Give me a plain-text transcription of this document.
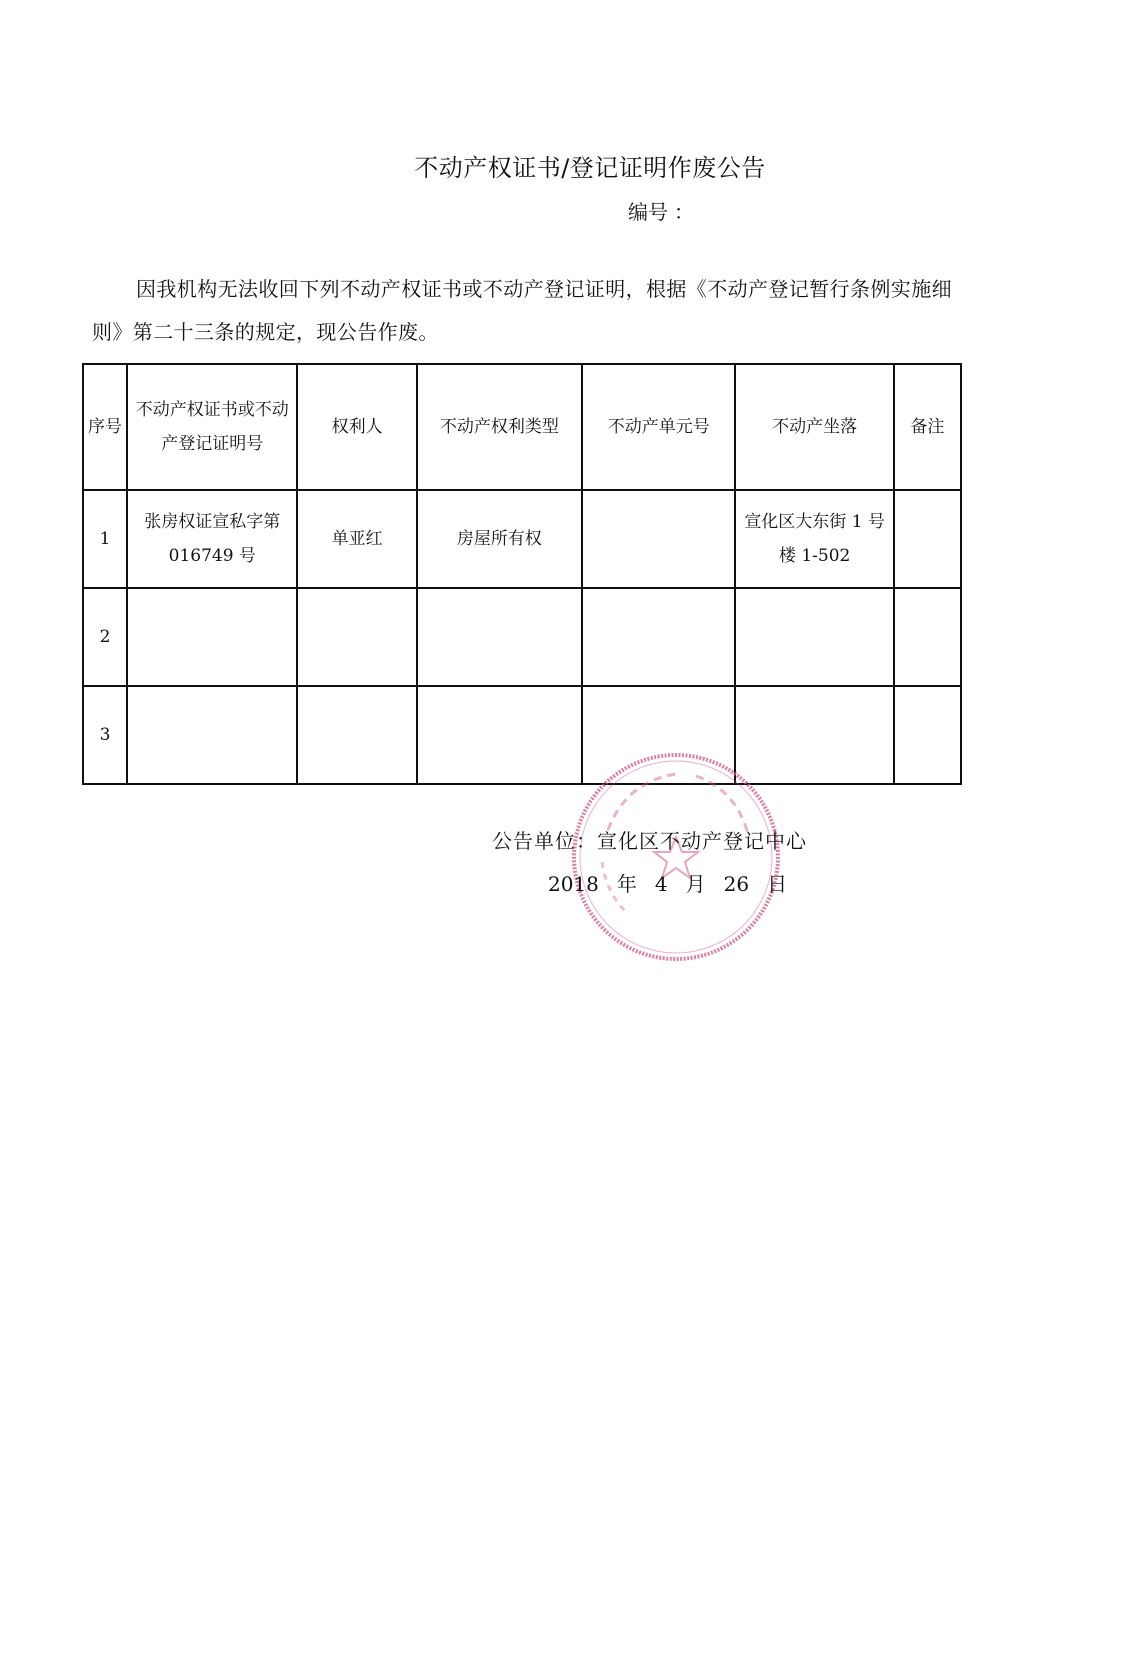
不动产权证书/登记证明作废公告
编号 ：

因我机构无法收回下列不动产权证书或不动产登记证明，根据《不动产登记暂行条例实施细则》第二十三条的规定，现公告作废。

序号	不动产权证书或不动产登记证明号	权利人	不动产权利类型	不动产单元号	不动产坐落	备注
1	张房权证宣私字第 016749 号	单亚红	房屋所有权		宣化区大东街 1 号楼 1-502	
2						
3						
公告单位：宣化区不动产登记中心
2018 年 4 月 26 日
